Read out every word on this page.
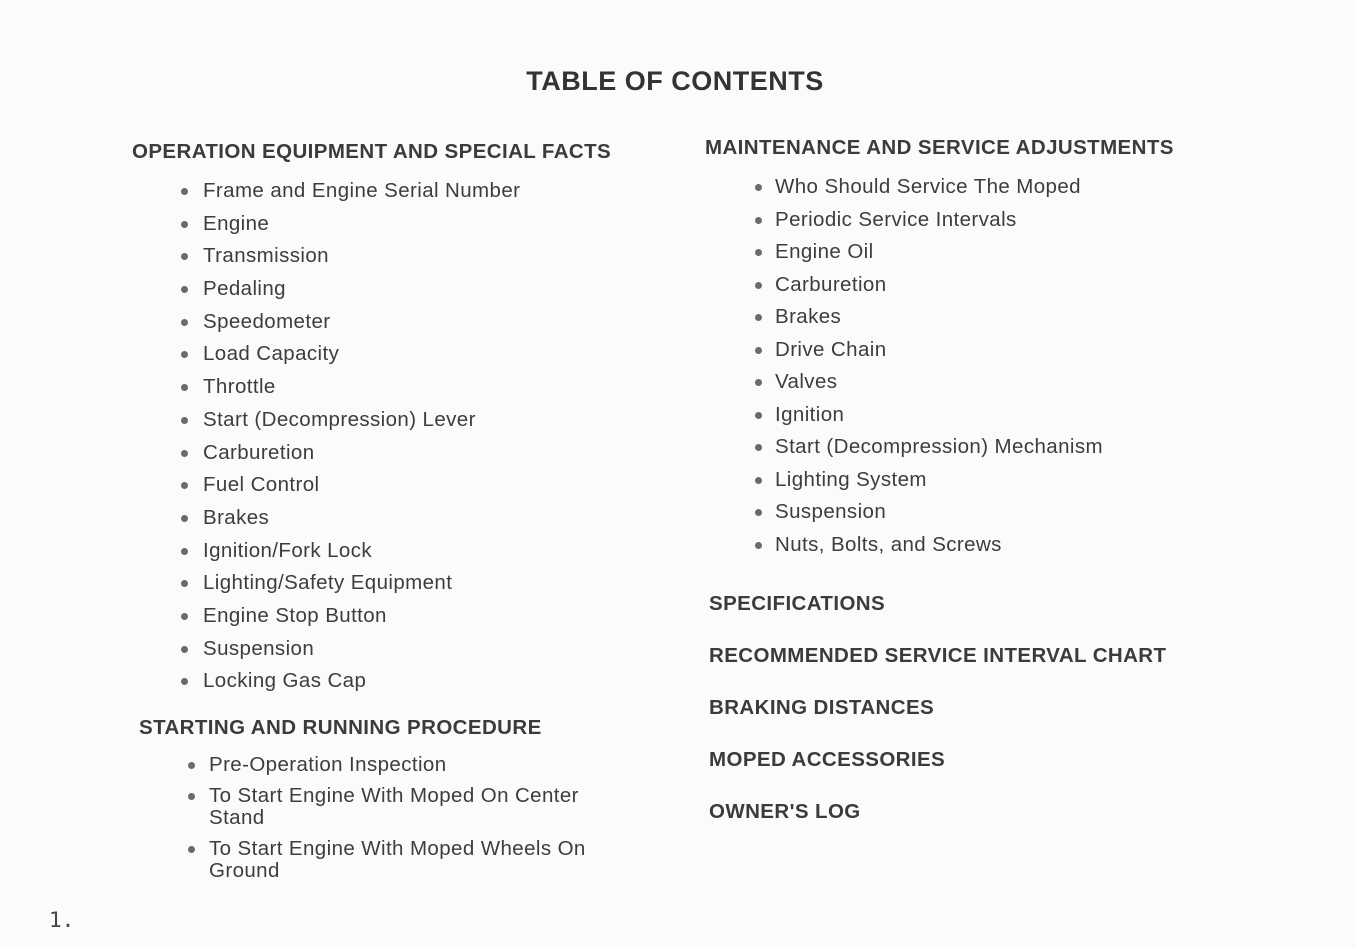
TABLE OF CONTENTS
OPERATION EQUIPMENT AND SPECIAL FACTS
Frame and Engine Serial Number
Engine
Transmission
Pedaling
Speedometer
Load Capacity
Throttle
Start (Decompression) Lever
Carburetion
Fuel Control
Brakes
Ignition/Fork Lock
Lighting/Safety Equipment
Engine Stop Button
Suspension
Locking Gas Cap
STARTING AND RUNNING PROCEDURE
Pre-Operation Inspection
To Start Engine With Moped On Center Stand
To Start Engine With Moped Wheels On Ground
MAINTENANCE AND SERVICE ADJUSTMENTS
Who Should Service The Moped
Periodic Service Intervals
Engine Oil
Carburetion
Brakes
Drive Chain
Valves
Ignition
Start (Decompression) Mechanism
Lighting System
Suspension
Nuts, Bolts, and Screws
SPECIFICATIONS
RECOMMENDED SERVICE INTERVAL CHART
BRAKING DISTANCES
MOPED ACCESSORIES
OWNER'S LOG
1.
